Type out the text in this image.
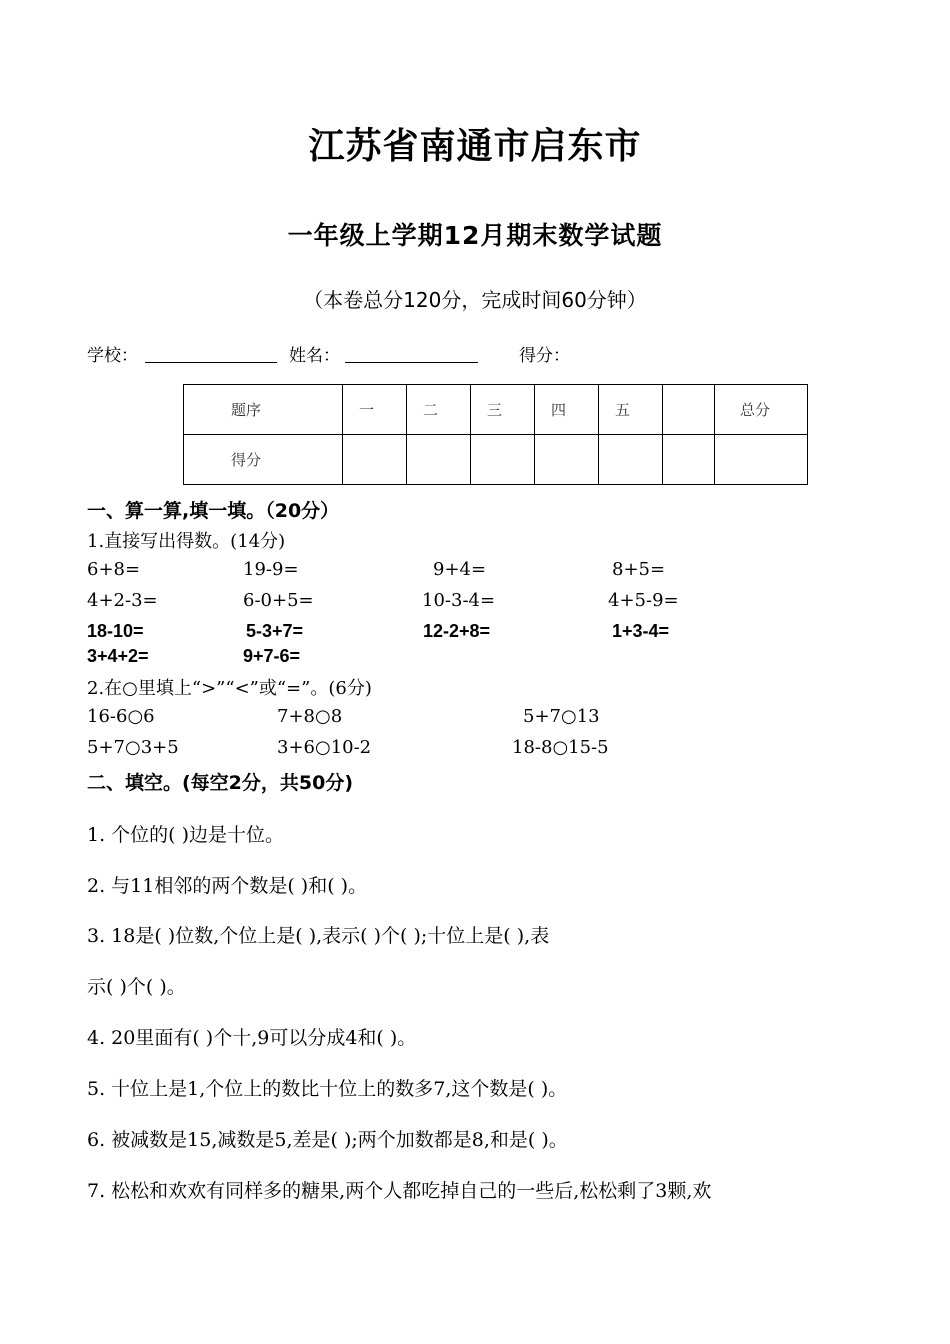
江苏省南通市启东市
一年级上学期12月期末数学试题
（本卷总分120分，完成时间60分钟）
学校：	姓名：	得分：
题序	一	二	三	四	五		总分
得分							
一、算一算,填一填。（20分）
1.直接写出得数。(14分)
6+8=	19-9=	9+4=	8+5=
4+2-3=	6-0+5=	10-3-4=	4+5-9=
18-10=	5-3+7=	12-2+8=	1+3-4=
3+4+2=	9+7-6=
2.在○里填上“>”“<”或“=”。(6分)
16-6○6	7+8○8	5+7○13
5+7○3+5	3+6○10-2	18-8○15-5
二、填空。(每空2分，共50分)
1. 个位的( )边是十位。
2. 与11相邻的两个数是( )和( )。
3. 18是( )位数,个位上是( ),表示( )个( );十位上是( ),表
示( )个( )。
4. 20里面有( )个十,9可以分成4和( )。
5. 十位上是1,个位上的数比十位上的数多7,这个数是( )。
6. 被减数是15,减数是5,差是( );两个加数都是8,和是( )。
7. 松松和欢欢有同样多的糖果,两个人都吃掉自己的一些后,松松剩了3颗,欢
